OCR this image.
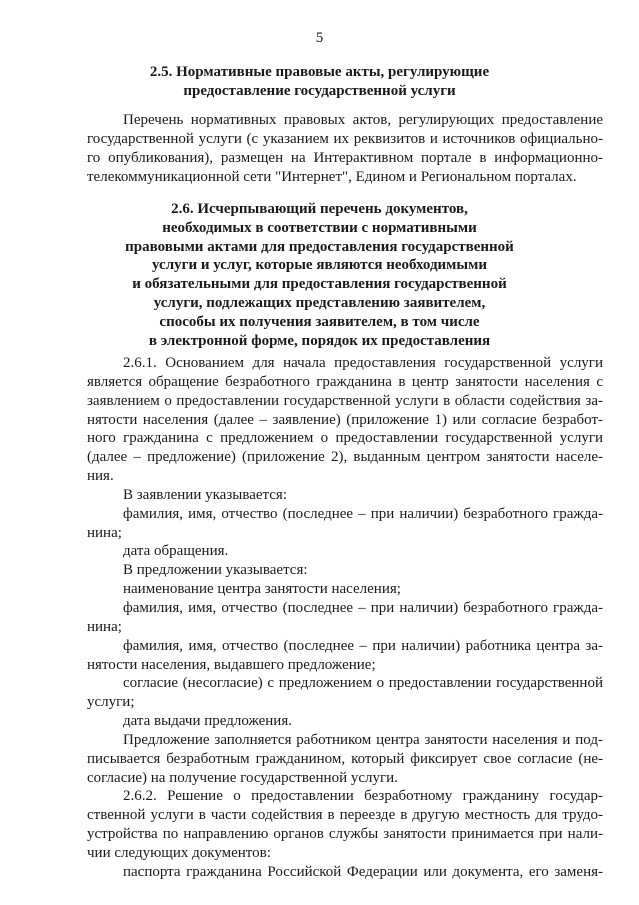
5
2.5. Нормативные правовые акты, регулирующие
предоставление государственной услуги
Перечень нормативных правовых актов, регулирующих предоставление
государственной услуги (с указанием их реквизитов и источников официально-
го опубликования), размещен на Интерактивном портале в информационно-
телекоммуникационной сети "Интернет", Едином и Региональном порталах.
2.6. Исчерпывающий перечень документов,
необходимых в соответствии с нормативными
правовыми актами для предоставления государственной
услуги и услуг, которые являются необходимыми
и обязательными для предоставления государственной
услуги, подлежащих представлению заявителем,
способы их получения заявителем, в том числе
в электронной форме, порядок их предоставления
2.6.1. Основанием для начала предоставления государственной услуги
является обращение безработного гражданина в центр занятости населения с
заявлением о предоставлении государственной услуги в области содействия за-
нятости населения (далее – заявление) (приложение 1) или согласие безработ-
ного гражданина с предложением о предоставлении государственной услуги
(далее – предложение) (приложение 2), выданным центром занятости населе-
ния.
В заявлении указывается:
фамилия, имя, отчество (последнее – при наличии) безработного гражда-
нина;
дата обращения.
В предложении указывается:
наименование центра занятости населения;
фамилия, имя, отчество (последнее – при наличии) безработного гражда-
нина;
фамилия, имя, отчество (последнее – при наличии) работника центра за-
нятости населения, выдавшего предложение;
согласие (несогласие) с предложением о предоставлении государственной
услуги;
дата выдачи предложения.
Предложение заполняется работником центра занятости населения и под-
писывается безработным гражданином, который фиксирует свое согласие (не-
согласие) на получение государственной услуги.
2.6.2. Решение о предоставлении безработному гражданину государ-
ственной услуги в части содействия в переезде в другую местность для трудо-
устройства по направлению органов службы занятости принимается при нали-
чии следующих документов:
паспорта гражданина Российской Федерации или документа, его заменя-
